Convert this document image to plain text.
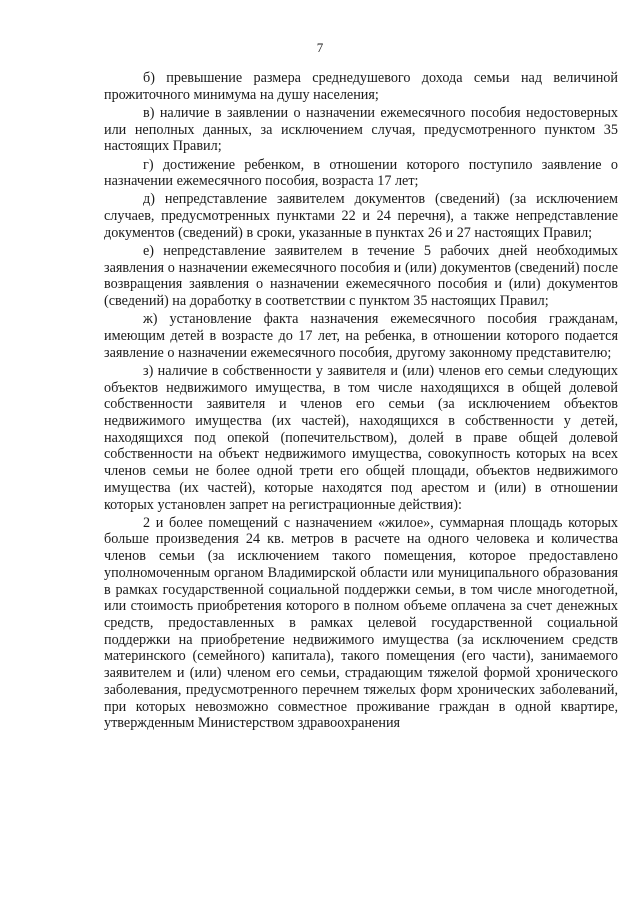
7

б) превышение размера среднедушевого дохода семьи над величиной прожиточного минимума на душу населения;

в) наличие в заявлении о назначении ежемесячного пособия недостоверных или неполных данных, за исключением случая, предусмотренного пунктом 35 настоящих Правил;

г) достижение ребенком, в отношении которого поступило заявление о назначении ежемесячного пособия, возраста 17 лет;

д) непредставление заявителем документов (сведений) (за исключением случаев, предусмотренных пунктами 22 и 24 перечня), а также непредставление документов (сведений) в сроки, указанные в пунктах 26 и 27 настоящих Правил;

е) непредставление заявителем в течение 5 рабочих дней необходимых заявления о назначении ежемесячного пособия и (или) документов (сведений) после возвращения заявления о назначении ежемесячного пособия и (или) документов (сведений) на доработку в соответствии с пунктом 35 настоящих Правил;

ж) установление факта назначения ежемесячного пособия гражданам, имеющим детей в возрасте до 17 лет, на ребенка, в отношении которого подается заявление о назначении ежемесячного пособия, другому законному представителю;

з) наличие в собственности у заявителя и (или) членов его семьи следующих объектов недвижимого имущества, в том числе находящихся в общей долевой собственности заявителя и членов его семьи (за исключением объектов недвижимого имущества (их частей), находящихся в собственности у детей, находящихся под опекой (попечительством), долей в праве общей долевой собственности на объект недвижимого имущества, совокупность которых на всех членов семьи не более одной трети его общей площади, объектов недвижимого имущества (их частей), которые находятся под арестом и (или) в отношении которых установлен запрет на регистрационные действия):

2 и более помещений с назначением «жилое», суммарная площадь которых больше произведения 24 кв. метров в расчете на одного человека и количества членов семьи (за исключением такого помещения, которое предоставлено уполномоченным органом Владимирской области или муниципального образования в рамках государственной социальной поддержки семьи, в том числе многодетной, или стоимость приобретения которого в полном объеме оплачена за счет денежных средств, предоставленных в рамках целевой государственной социальной поддержки на приобретение недвижимого имущества (за исключением средств материнского (семейного) капитала), такого помещения (его части), занимаемого заявителем и (или) членом его семьи, страдающим тяжелой формой хронического заболевания, предусмотренного перечнем тяжелых форм хронических заболеваний, при которых невозможно совместное проживание граждан в одной квартире, утвержденным Министерством здравоохранения
